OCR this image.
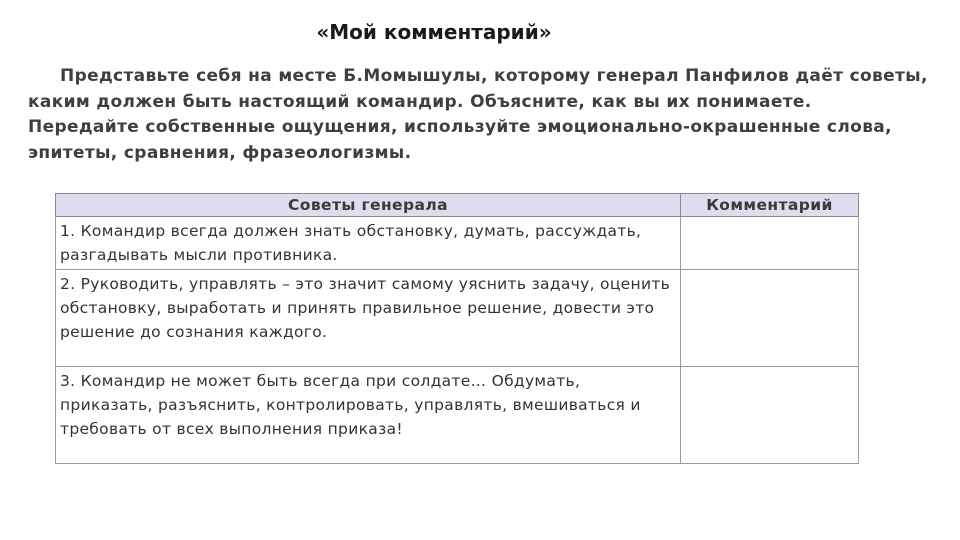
«Мой комментарий»

Представьте себя на месте Б.Момышулы, которому генерал Панфилов даёт советы, каким должен быть настоящий командир. Объясните, как вы их понимаете. Передайте собственные ощущения, используйте эмоционально-окрашенные слова, эпитеты, сравнения, фразеологизмы.

Советы генерала	Комментарий
1. Командир всегда должен знать обстановку, думать, рассуждать, разгадывать мысли противника.	
2. Руководить, управлять – это значит самому уяснить задачу, оценить обстановку, выработать и принять правильное решение, довести это решение до сознания каждого.	
3. Командир не может быть всегда при солдате… Обдумать, приказать, разъяснить, контролировать, управлять, вмешиваться и требовать от всех выполнения приказа!	
